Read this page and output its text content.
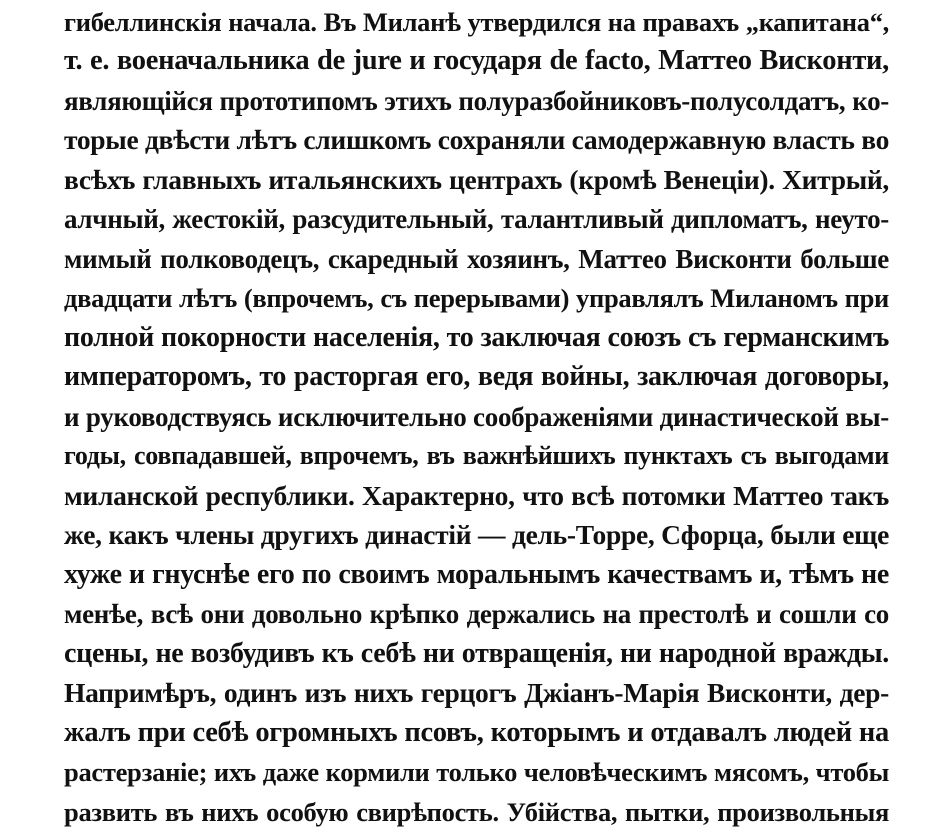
гибеллинскія начала. Въ Миланѣ утвердился на правахъ „капитана“,
т. е. военачальника de jure и государя de facto, Маттео Висконти,
являющійся прототипомъ этихъ полуразбойниковъ-полусолдатъ, ко-
торые двѣсти лѣтъ слишкомъ сохраняли самодержавную власть во
всѣхъ главныхъ итальянскихъ центрахъ (кромѣ Венеціи). Хитрый,
алчный, жестокій, разсудительный, талантливый дипломатъ, неуто-
мимый полководецъ, скаредный хозяинъ, Маттео Висконти больше
двадцати лѣтъ (впрочемъ, съ перерывами) управлялъ Миланомъ при
полной покорности населенія, то заключая союзъ съ германскимъ
императоромъ, то расторгая его, ведя войны, заключая договоры,
и руководствуясь исключительно соображеніями династической вы-
годы, совпадавшей, впрочемъ, въ важнѣйшихъ пунктахъ съ выгодами
миланской республики. Характерно, что всѣ потомки Маттео такъ
же, какъ члены другихъ династій — дель-Торре, Сфорца, были еще
хуже и гнуснѣе его по своимъ моральнымъ качествамъ и, тѣмъ не
менѣе, всѣ они довольно крѣпко держались на престолѣ и сошли со
сцены, не возбудивъ къ себѣ ни отвращенія, ни народной вражды.
Напримѣръ, одинъ изъ нихъ герцогъ Джіанъ-Марія Висконти, дер-
жалъ при себѣ огромныхъ псовъ, которымъ и отдавалъ людей на
растерзаніе; ихъ даже кормили только человѣческимъ мясомъ, чтобы
развить въ нихъ особую свирѣпость. Убійства, пытки, произвольныя
